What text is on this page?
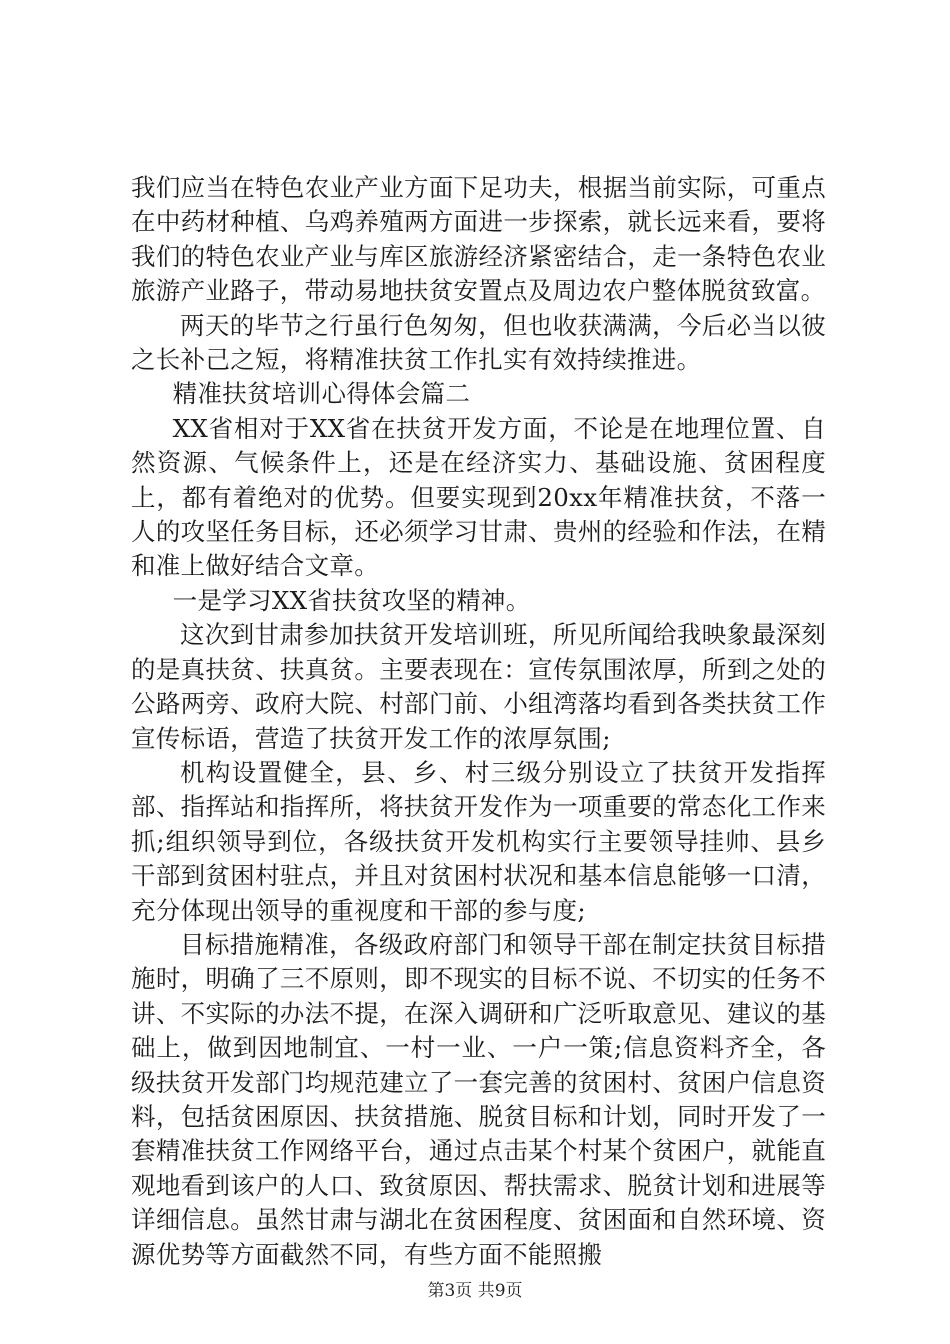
我们应当在特色农业产业方面下足功夫，根据当前实际，可重点在中药材种植、乌鸡养殖两方面进一步探索，就长远来看，要将我们的特色农业产业与库区旅游经济紧密结合，走一条特色农业旅游产业路子，带动易地扶贫安置点及周边农户整体脱贫致富。

两天的毕节之行虽行色匆匆，但也收获满满，今后必当以彼之长补己之短，将精准扶贫工作扎实有效持续推进。

精准扶贫培训心得体会篇二

XX省相对于XX省在扶贫开发方面，不论是在地理位置、自然资源、气候条件上，还是在经济实力、基础设施、贫困程度上，都有着绝对的优势。但要实现到20xx年精准扶贫，不落一人的攻坚任务目标，还必须学习甘肃、贵州的经验和作法，在精和准上做好结合文章。

一是学习XX省扶贫攻坚的精神。

这次到甘肃参加扶贫开发培训班，所见所闻给我映象最深刻的是真扶贫、扶真贫。主要表现在：宣传氛围浓厚，所到之处的公路两旁、政府大院、村部门前、小组湾落均看到各类扶贫工作宣传标语，营造了扶贫开发工作的浓厚氛围;

机构设置健全，县、乡、村三级分别设立了扶贫开发指挥部、指挥站和指挥所，将扶贫开发作为一项重要的常态化工作来抓;组织领导到位，各级扶贫开发机构实行主要领导挂帅、县乡干部到贫困村驻点，并且对贫困村状况和基本信息能够一口清，充分体现出领导的重视度和干部的参与度;

目标措施精准，各级政府部门和领导干部在制定扶贫目标措施时，明确了三不原则，即不现实的目标不说、不切实的任务不讲、不实际的办法不提，在深入调研和广泛听取意见、建议的基础上，做到因地制宜、一村一业、一户一策;信息资料齐全，各级扶贫开发部门均规范建立了一套完善的贫困村、贫困户信息资料，包括贫困原因、扶贫措施、脱贫目标和计划，同时开发了一套精准扶贫工作网络平台，通过点击某个村某个贫困户，就能直观地看到该户的人口、致贫原因、帮扶需求、脱贫计划和进展等详细信息。虽然甘肃与湖北在贫困程度、贫困面和自然环境、资源优势等方面截然不同，有些方面不能照搬

第3页 共9页
